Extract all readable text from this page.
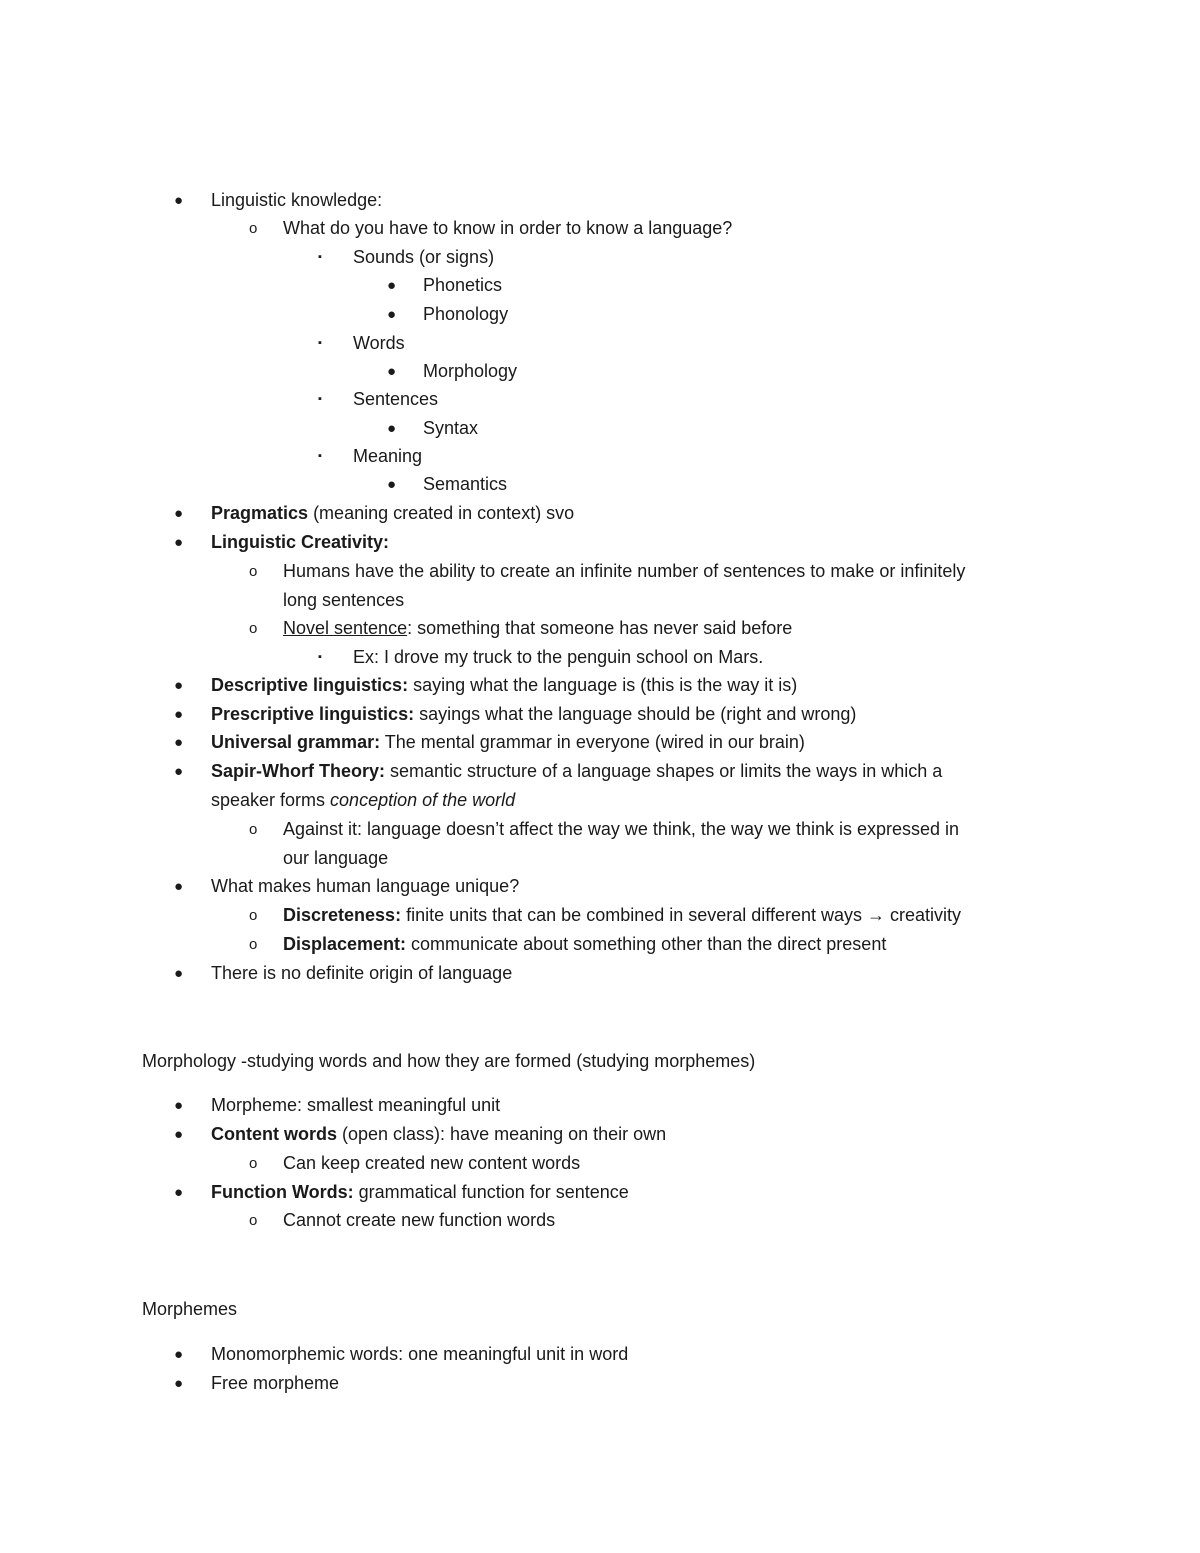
● Linguistic knowledge:
o What do you have to know in order to know a language?
▪ Sounds (or signs)
● Phonetics
● Phonology
▪ Words
● Morphology
▪ Sentences
● Syntax
▪ Meaning
● Semantics
● Pragmatics (meaning created in context) svo
● Linguistic Creativity:
o Humans have the ability to create an infinite number of sentences to make or infinitely
long sentences
o Novel sentence: something that someone has never said before
▪ Ex: I drove my truck to the penguin school on Mars.
● Descriptive linguistics: saying what the language is (this is the way it is)
● Prescriptive linguistics: sayings what the language should be (right and wrong)
● Universal grammar: The mental grammar in everyone (wired in our brain)
● Sapir-Whorf Theory: semantic structure of a language shapes or limits the ways in which a
speaker forms conception of the world
o Against it: language doesn’t affect the way we think, the way we think is expressed in
our language
● What makes human language unique?
o Discreteness: finite units that can be combined in several different ways → creativity
o Displacement: communicate about something other than the direct present
● There is no definite origin of language
Morphology -studying words and how they are formed (studying morphemes)
● Morpheme: smallest meaningful unit
● Content words (open class): have meaning on their own
o Can keep created new content words
● Function Words: grammatical function for sentence
o Cannot create new function words
Morphemes
● Monomorphemic words: one meaningful unit in word
● Free morpheme
